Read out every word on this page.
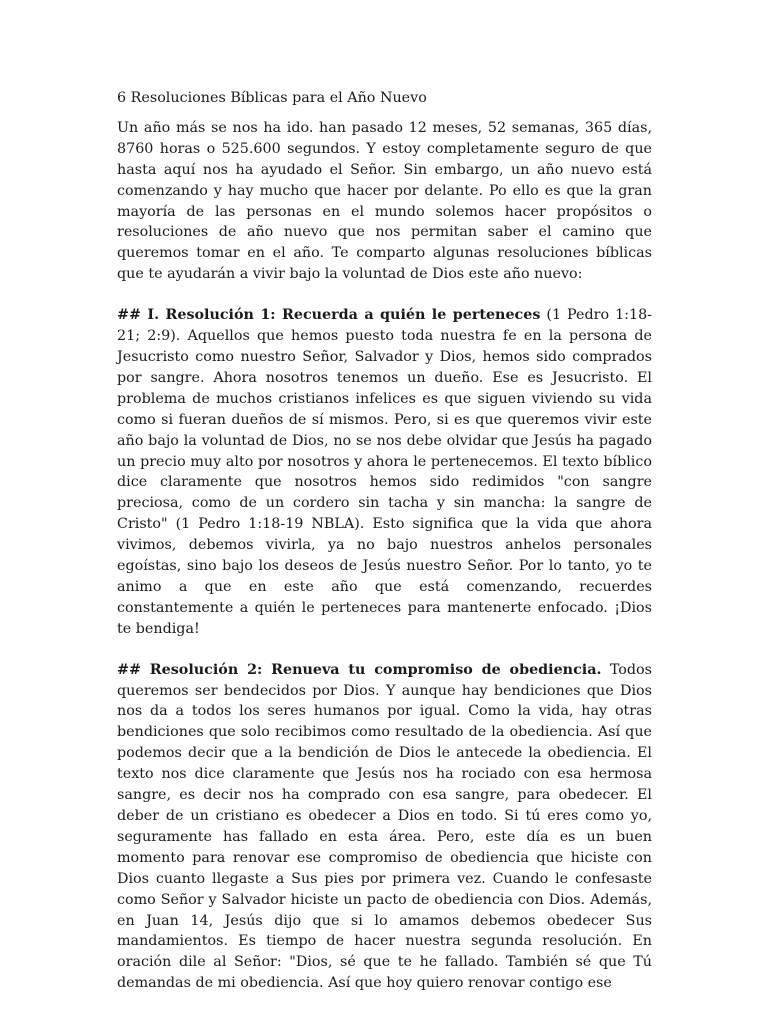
6 Resoluciones Bíblicas para el Año Nuevo

Un año más se nos ha ido. han pasado 12 meses, 52 semanas, 365 días, 8760 horas o 525.600 segundos. Y estoy completamente seguro de que hasta aquí nos ha ayudado el Señor. Sin embargo, un año nuevo está comenzando y hay mucho que hacer por delante. Po ello es que la gran mayoría de las personas en el mundo solemos hacer propósitos o resoluciones de año nuevo que nos permitan saber el camino que queremos tomar en el año. Te comparto algunas resoluciones bíblicas que te ayudarán a vivir bajo la voluntad de Dios este año nuevo:

## I. Resolución 1: Recuerda a quién le perteneces (1 Pedro 1:18-21; 2:9). Aquellos que hemos puesto toda nuestra fe en la persona de Jesucristo como nuestro Señor, Salvador y Dios, hemos sido comprados por sangre. Ahora nosotros tenemos un dueño. Ese es Jesucristo. El problema de muchos cristianos infelices es que siguen viviendo su vida como si fueran dueños de sí mismos. Pero, si es que queremos vivir este año bajo la voluntad de Dios, no se nos debe olvidar que Jesús ha pagado un precio muy alto por nosotros y ahora le pertenecemos. El texto bíblico dice claramente que nosotros hemos sido redimidos "con sangre preciosa, como de un cordero sin tacha y sin mancha: la sangre de Cristo" (1 Pedro 1:18-19 NBLA). Esto significa que la vida que ahora vivimos, debemos vivirla, ya no bajo nuestros anhelos personales egoístas, sino bajo los deseos de Jesús nuestro Señor. Por lo tanto, yo te animo a que en este año que está comenzando, recuerdes constantemente a quién le perteneces para mantenerte enfocado. ¡Dios te bendiga!

## Resolución 2: Renueva tu compromiso de obediencia. Todos queremos ser bendecidos por Dios. Y aunque hay bendiciones que Dios nos da a todos los seres humanos por igual. Como la vida, hay otras bendiciones que solo recibimos como resultado de la obediencia. Así que podemos decir que a la bendición de Dios le antecede la obediencia. El texto nos dice claramente que Jesús nos ha rociado con esa hermosa sangre, es decir nos ha comprado con esa sangre, para obedecer. El deber de un cristiano es obedecer a Dios en todo. Si tú eres como yo, seguramente has fallado en esta área. Pero, este día es un buen momento para renovar ese compromiso de obediencia que hiciste con Dios cuanto llegaste a Sus pies por primera vez. Cuando le confesaste como Señor y Salvador hiciste un pacto de obediencia con Dios. Además, en Juan 14, Jesús dijo que si lo amamos debemos obedecer Sus mandamientos. Es tiempo de hacer nuestra segunda resolución. En oración dile al Señor: "Dios, sé que te he fallado. También sé que Tú demandas de mi obediencia. Así que hoy quiero renovar contigo ese
